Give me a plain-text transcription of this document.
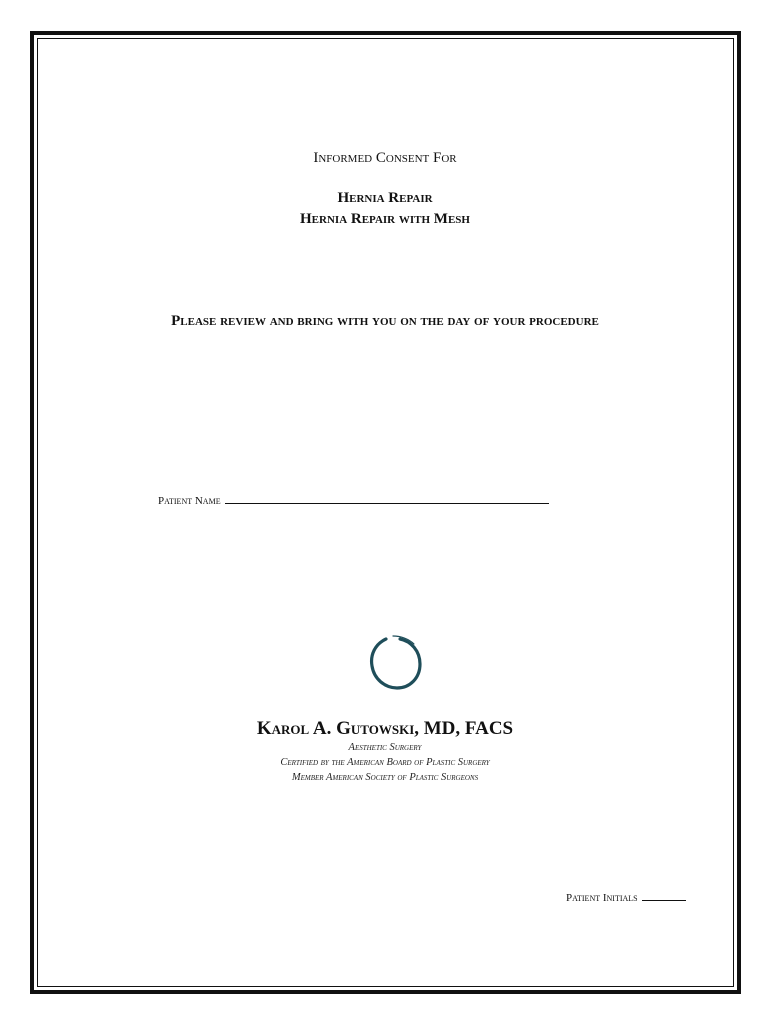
Informed Consent For
Hernia Repair
Hernia Repair with Mesh
Please review and bring with you on the day of your procedure
Patient Name
Karol A. Gutowski, MD, FACS
Aesthetic Surgery
Certified by the American Board of Plastic Surgery
Member American Society of Plastic Surgeons
Patient Initials
